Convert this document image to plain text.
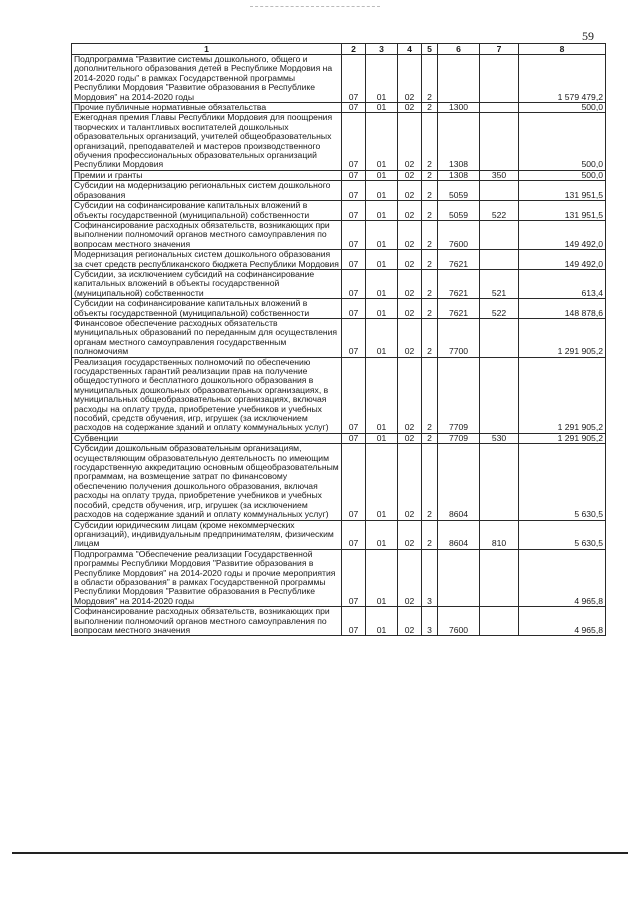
59
1	2	3	4	5	6	7	8
Подпрограмма "Развитие системы дошкольного, общего и дополнительного образования детей в Республике Мордовия на 2014-2020 годы" в рамках Государственной программы Республики Мордовия "Развитие образования в Республике Мордовия" на 2014-2020 годы	07	01	02	2			1 579 479,2
Прочие публичные нормативные обязательства	07	01	02	2	1300		500,0
Ежегодная премия Главы Республики Мордовия для поощрения творческих и талантливых воспитателей дошкольных образовательных организаций, учителей общеобразовательных организаций, преподавателей и мастеров производственного обучения профессиональных образовательных организаций Республики Мордовия	07	01	02	2	1308		500,0
Премии и гранты	07	01	02	2	1308	350	500,0
Субсидии на модернизацию региональных систем дошкольного образования	07	01	02	2	5059		131 951,5
Субсидии на софинансирование капитальных вложений в объекты государственной (муниципальной) собственности	07	01	02	2	5059	522	131 951,5
Софинансирование расходных обязательств, возникающих при выполнении полномочий органов местного самоуправления по вопросам местного значения	07	01	02	2	7600		149 492,0
Модернизация региональных систем дошкольного образования за счет средств республиканского бюджета Республики Мордовия	07	01	02	2	7621		149 492,0
Субсидии, за исключением субсидий на софинансирование капитальных вложений в объекты государственной (муниципальной) собственности	07	01	02	2	7621	521	613,4
Субсидии на софинансирование капитальных вложений в объекты государственной (муниципальной) собственности	07	01	02	2	7621	522	148 878,6
Финансовое обеспечение расходных обязательств муниципальных образований по переданным для осуществления органам местного самоуправления государственным полномочиям	07	01	02	2	7700		1 291 905,2
Реализация государственных полномочий по обеспечению государственных гарантий реализации прав на получение общедоступного и бесплатного дошкольного образования в муниципальных дошкольных образовательных организациях, в муниципальных общеобразовательных организациях, включая расходы на оплату труда, приобретение учебников и учебных пособий, средств обучения, игр, игрушек (за исключением расходов на содержание зданий и оплату коммунальных услуг)	07	01	02	2	7709		1 291 905,2
Субвенции	07	01	02	2	7709	530	1 291 905,2
Субсидии дошкольным образовательным организациям, осуществляющим образовательную деятельность по имеющим государственную аккредитацию основным общеобразовательным программам, на возмещение затрат по финансовому обеспечению получения дошкольного образования, включая расходы на оплату труда, приобретение учебников и учебных пособий, средств обучения, игр, игрушек (за исключением расходов на содержание зданий и оплату коммунальных услуг)	07	01	02	2	8604		5 630,5
Субсидии юридическим лицам (кроме некоммерческих организаций), индивидуальным предпринимателям, физическим лицам	07	01	02	2	8604	810	5 630,5
Подпрограмма "Обеспечение реализации Государственной программы Республики Мордовия "Развитие образования в Республике Мордовия" на 2014-2020 годы и прочие мероприятия в области образования" в рамках Государственной программы Республики Мордовия "Развитие образования в Республике Мордовия" на 2014-2020 годы	07	01	02	3			4 965,8
Софинансирование расходных обязательств, возникающих при выполнении полномочий органов местного самоуправления по вопросам местного значения	07	01	02	3	7600		4 965,8
